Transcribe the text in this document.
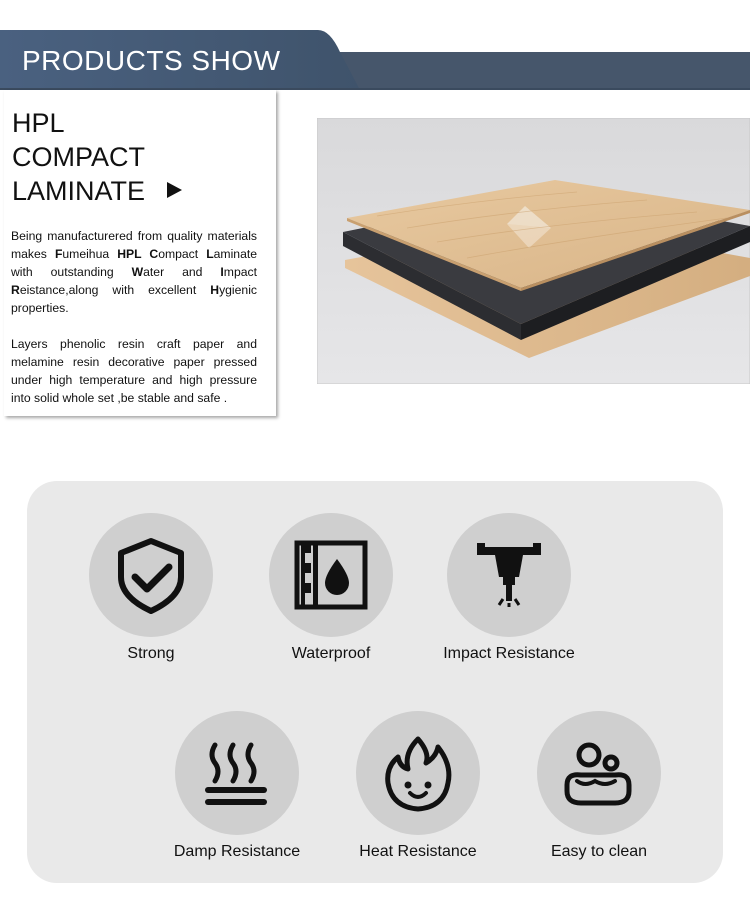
PRODUCTS SHOW
HPL
COMPACT
LAMINATE
Being manufacturered from quality materials makes Fumeihua HPL Compact Laminate with outstanding Water and Impact Reistance,along with excellent Hygienic properties.
Layers phenolic resin craft paper and melamine resin decorative paper pressed under high temperature and high pressure into solid whole set ,be stable and safe .
Strong	Waterproof	Impact Resistance
Damp Resistance	Heat Resistance	Easy to clean
